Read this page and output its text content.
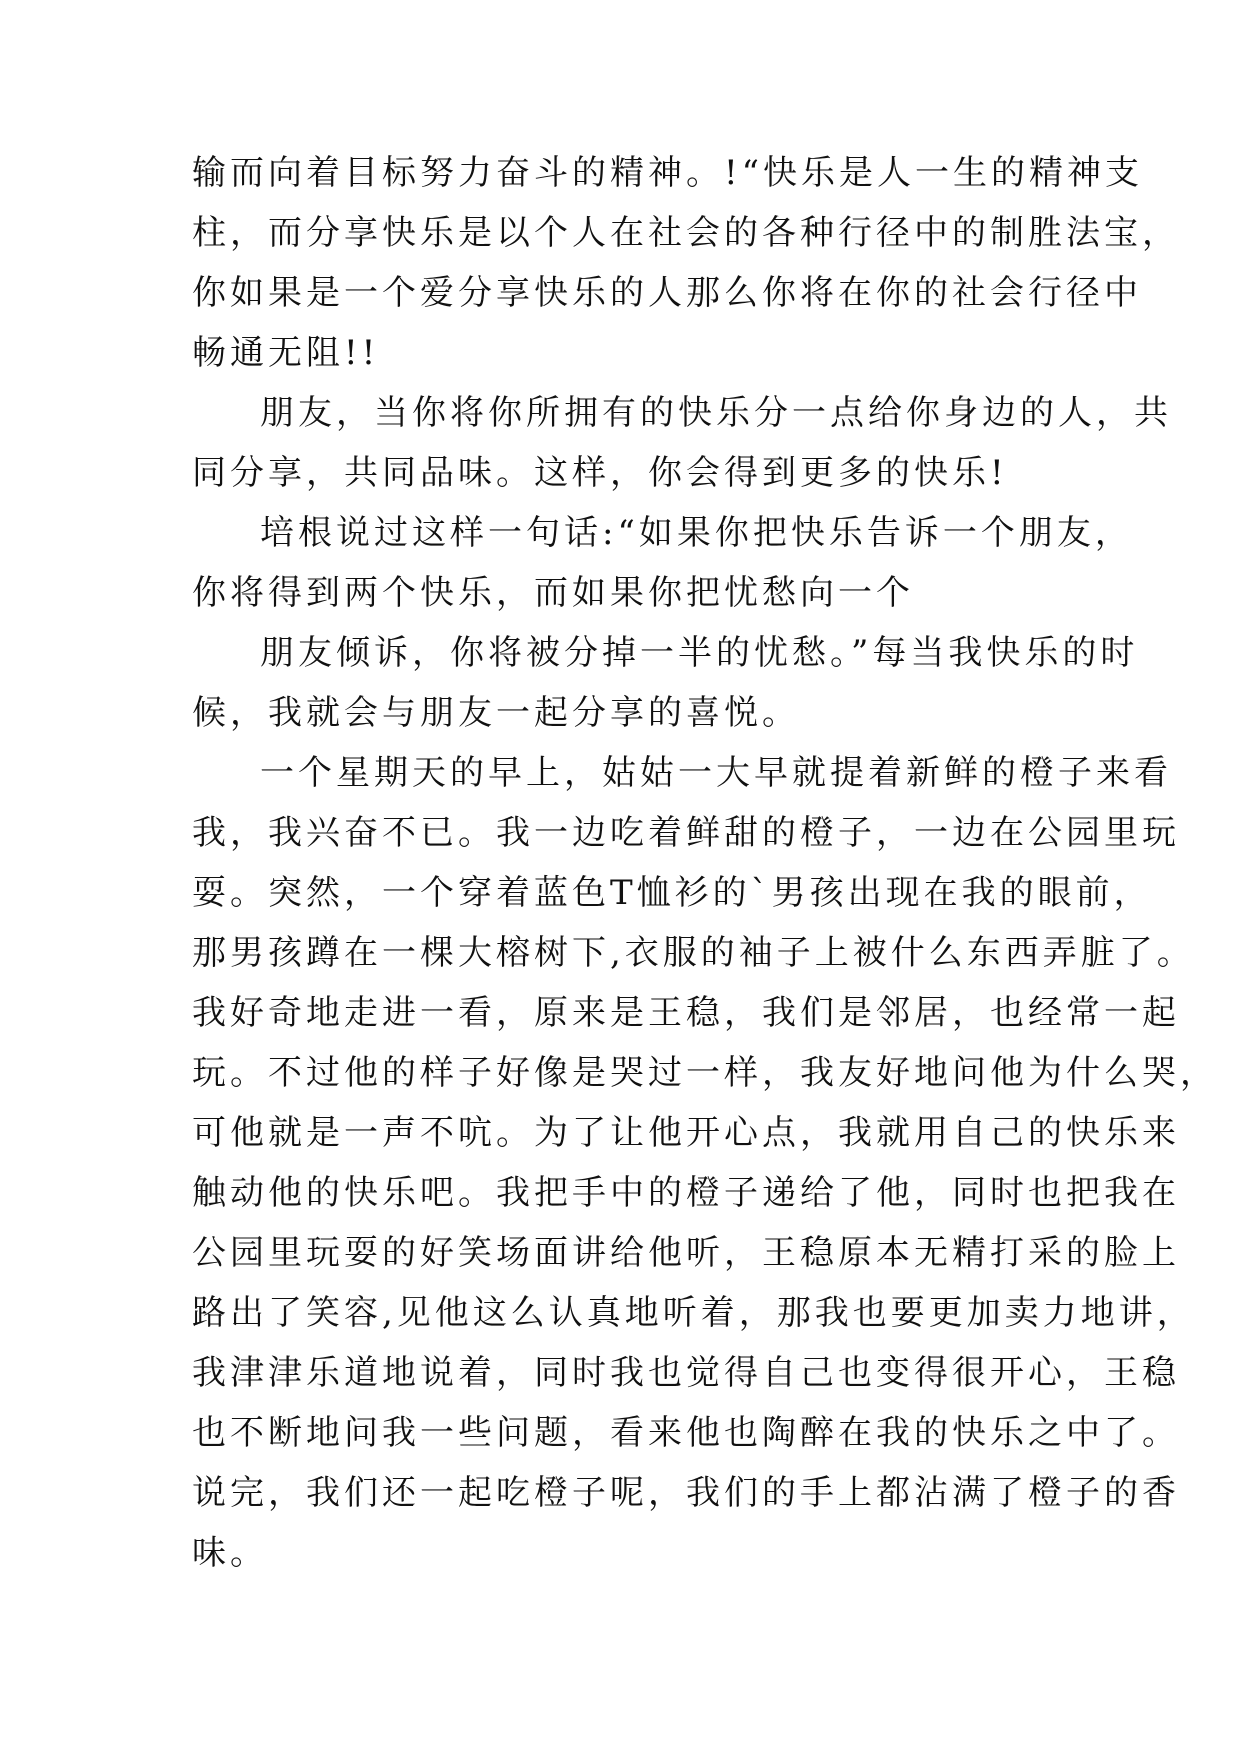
输而向着目标努力奋斗的精神。!“快乐是人一生的精神支
柱，而分享快乐是以个人在社会的各种行径中的制胜法宝，
你如果是一个爱分享快乐的人那么你将在你的社会行径中
畅通无阻!!
朋友，当你将你所拥有的快乐分一点给你身边的人，共
同分享，共同品味。这样，你会得到更多的快乐!
培根说过这样一句话:“如果你把快乐告诉一个朋友，
你将得到两个快乐，而如果你把忧愁向一个
朋友倾诉，你将被分掉一半的忧愁。”每当我快乐的时
候，我就会与朋友一起分享的喜悦。
一个星期天的早上，姑姑一大早就提着新鲜的橙子来看
我，我兴奋不已。我一边吃着鲜甜的橙子，一边在公园里玩
耍。突然，一个穿着蓝色T恤衫的`男孩出现在我的眼前，
那男孩蹲在一棵大榕树下,衣服的袖子上被什么东西弄脏了。
我好奇地走进一看，原来是王稳，我们是邻居，也经常一起
玩。不过他的样子好像是哭过一样，我友好地问他为什么哭，
可他就是一声不吭。为了让他开心点，我就用自己的快乐来
触动他的快乐吧。我把手中的橙子递给了他，同时也把我在
公园里玩耍的好笑场面讲给他听，王稳原本无精打采的脸上
路出了笑容,见他这么认真地听着，那我也要更加卖力地讲，
我津津乐道地说着，同时我也觉得自己也变得很开心，王稳
也不断地问我一些问题，看来他也陶醉在我的快乐之中了。
说完，我们还一起吃橙子呢，我们的手上都沾满了橙子的香
味。
